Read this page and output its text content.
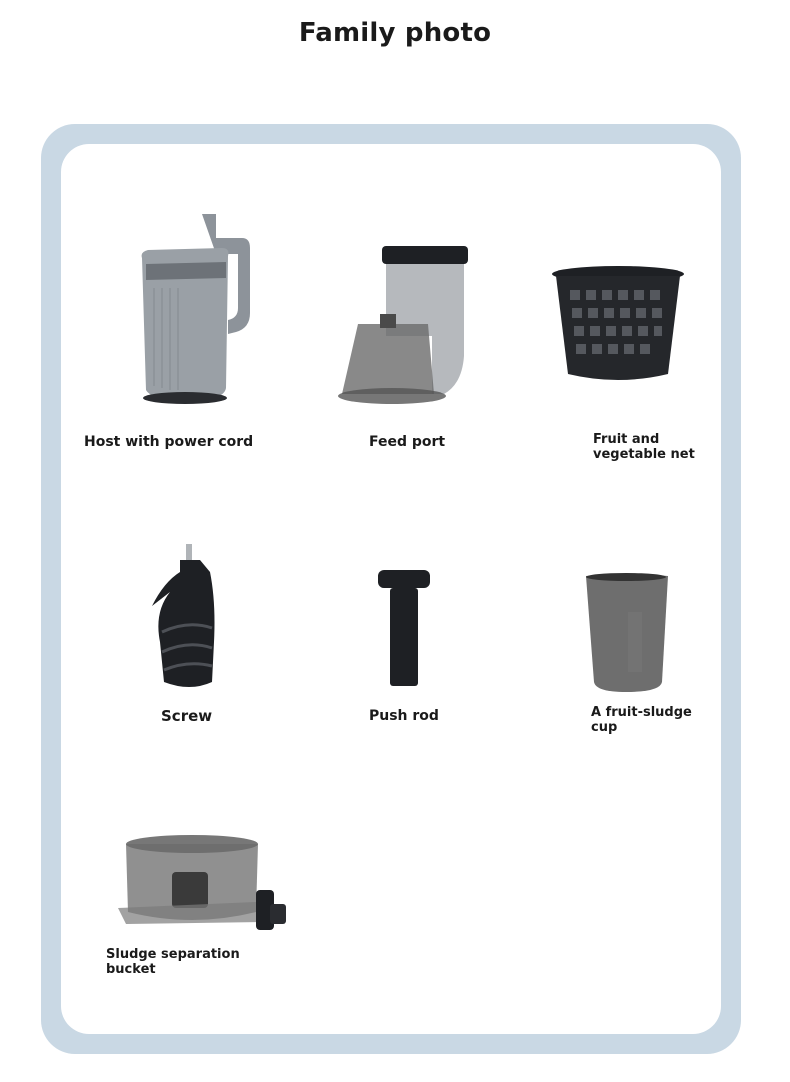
Family photo
Host with power cord	Feed port	Fruit and
vegetable net
Screw	Push rod	A fruit-sludge
cup
Sludge separation
bucket
